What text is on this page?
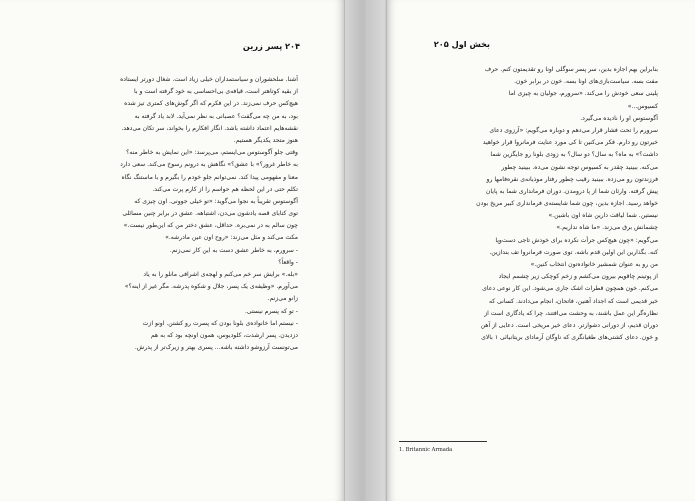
۲۰۴ پسر زرین
آشنا. سلحشوران و سیاستمداران خیلی زیاد است. شغال دورتر ایستاده
از بقیه کوتاهتر است، قیافه‌ی بی‌احساسی به خود گرفته است و با
هیچ‌کس حرف نمی‌زند. در این فکرم که اگر گوش‌های کمتری تیز شده
بود، به من چه می‌گفت؟ عصبانی به نظر نمی‌آید. لابد یاد گرفته به
نقشه‌هایم اعتماد داشته باشد. انگار افکارم را بخواند، سر تکان می‌دهد.
هنوز متحد یکدیگر هستیم.
وقتی جلو آگوستوس می‌ایستم، می‌پرسد: «این نمایش به خاطر منه؟
به خاطر غرور؟» با عشق؟» نگاهش به درونم رسوخ می‌کند. سعی دارد
معنا و مفهومی پیدا کند. نمی‌توانم جلو خودم را بگیرم و با ماستنگ نگاه
تکلم حتی در این لحظه هم حواسم را از کارم پرت می‌کند.
آگوستوس تقریباً به نجوا می‌گوید: «تو خیلی جوونی. اون چیزی که
توی کتابای قصه یادشون می‌دن، اشتباهه. عشق در برابر چنین مسائلی
چون سالم به در نمی‌بره. حداقل، عشق دختر من که این‌طور نیست.»
مکث می‌کند و مثل می‌زند: «روح اون عین مادرشه.»
- سرورم، به خاطر عشق دست به این کار نمی‌زنم.
- واقعاً؟
«بله.» برایش سر خم می‌کنم و لهجه‌ی اشرافی مانلو را به یاد
می‌آورم. «وظیفه‌ی یک پسر، جلال و شکوه پدرشه. مگر غیر از اینه؟»
زانو می‌زنم.
- تو که پسرم نیستی.
- نیستم اما خانواده‌ی بلونا بودن که پسرت رو کشتن. اونو ازت
دزدیدن. پسر ارشدت، کلودیوس، همون اونچه بود که به هم
می‌تونست آرزوشو داشته باشه... پسری بهتر و زیرک‌تر از پدرش.
بخش اول ۲۰۵
بنابراین بهم اجازه بدین، سر پسر سوگلی اونا رو تقدیمتون کنم. حرف
مفت بسه. سیاست‌بازی‌های اونا بسه. خون در برابر خون.
پلینی سعی خودش را می‌کند. «سرورم، جولیان به چیزی اما
کسیوس...»
آگوستوس او را نادیده می‌گیرد.
سرورم را تحت فشار قرار می‌دهم و دوباره می‌گویم: «آرزوی دعای
خیرتون رو دارم. فکر می‌کنین تا کی مورد عنایت فرمانروا قرار خواهید
داشت؟» به ماه؟ به سال؟ دو سال؟ به زودی بلونا رو جایگزین شما
می‌کنه. ببینید چقدر به کسیوس توجه نشون می‌ده. ببینید چطور
فرزندتون رو می‌زده. ببینید رقیب چطور رفتار موذیانه‌ی نقره‌فامها رو
پیش گرفته. وارثان شما از پا درومدن. دوران فرمانداری شما به پایان
خواهد رسید. اجازه بدین، چون شما شایسته‌ی فرمانداری کبیر مریخ بودن
نیستین. شما لیاقت دارین شاه اون باشین.»
چشمانش برق می‌زند. «ما شاه نداریم.»
می‌گویم: «چون هیچ‌کس جرأت نکرده برای خودش تاجی دست‌وپا
کنه. بگذارین این اولین قدم باشه. توی صورت فرمانروا تف بندازین.
من رو به عنوان شمشیر خانواده‌تون انتخاب کنین.»
از پوتینم چاقویم بیرون می‌کشم و زخم کوچکی زیر چشمم ایجاد
می‌کنم. خون همچون قطرات اشک جاری می‌شود. این کار نوعی دعای
خیر قدیمی است که اجداد آهنین، فاتحان، انجام می‌دادند. کسانی که
نظاره‌گر این عمل باشند، به وحشت می‌افتند، چرا که یادگاری است از
دوران قدیم، از دورانی دشوارتر. دعای خیر مریخی است. دعایی از آهن
و خون. دعای کشتی‌های طغیانگری که ناوگان آرمادای بریتانیائی ۱ بالای
1. Britannic Armada
